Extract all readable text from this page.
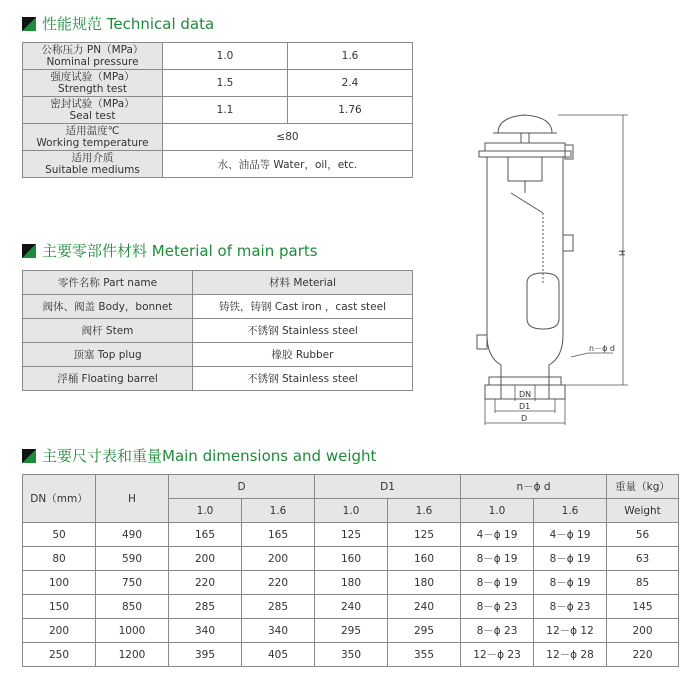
性能规范 Technical data
公称压力 PN（MPa）
Nominal pressure	1.0	1.6
强度试验（MPa）
Strength test	1.5	2.4
密封试验（MPa）
Seal test	1.1	1.76
适用温度℃
Working temperature	≤80	
适用介质
Suitable mediums	水、油品等 Water，oil，etc.	
主要零部件材料 Meterial of main parts
零件名称 Part name	材料 Meterial
阀体、阀盖 Body，bonnet	铸铁，铸钢 Cast iron ，cast steel
阀杆 Stem	不锈钢 Stainless steel
顶塞 Top plug	橡胶 Rubber
浮桶 Floating barrel	不锈钢 Stainless steel
主要尺寸表和重量Main dimensions and weight
DN（mm）	H	D		D1		n－ϕ d		重量（kg）
		1.0	1.6	1.0	1.6	1.0	1.6	Weight
50	490	165	165	125	125	4－ϕ 19	4－ϕ 19	56
80	590	200	200	160	160	8－ϕ 19	8－ϕ 19	63
100	750	220	220	180	180	8－ϕ 19	8－ϕ 19	85
150	850	285	285	240	240	8－ϕ 23	8－ϕ 23	145
200	1000	340	340	295	295	8－ϕ 23	12－ϕ 12	200
250	1200	395	405	350	355	12－ϕ 23	12－ϕ 28	220
H
n－ϕ d
DN
D1
D
